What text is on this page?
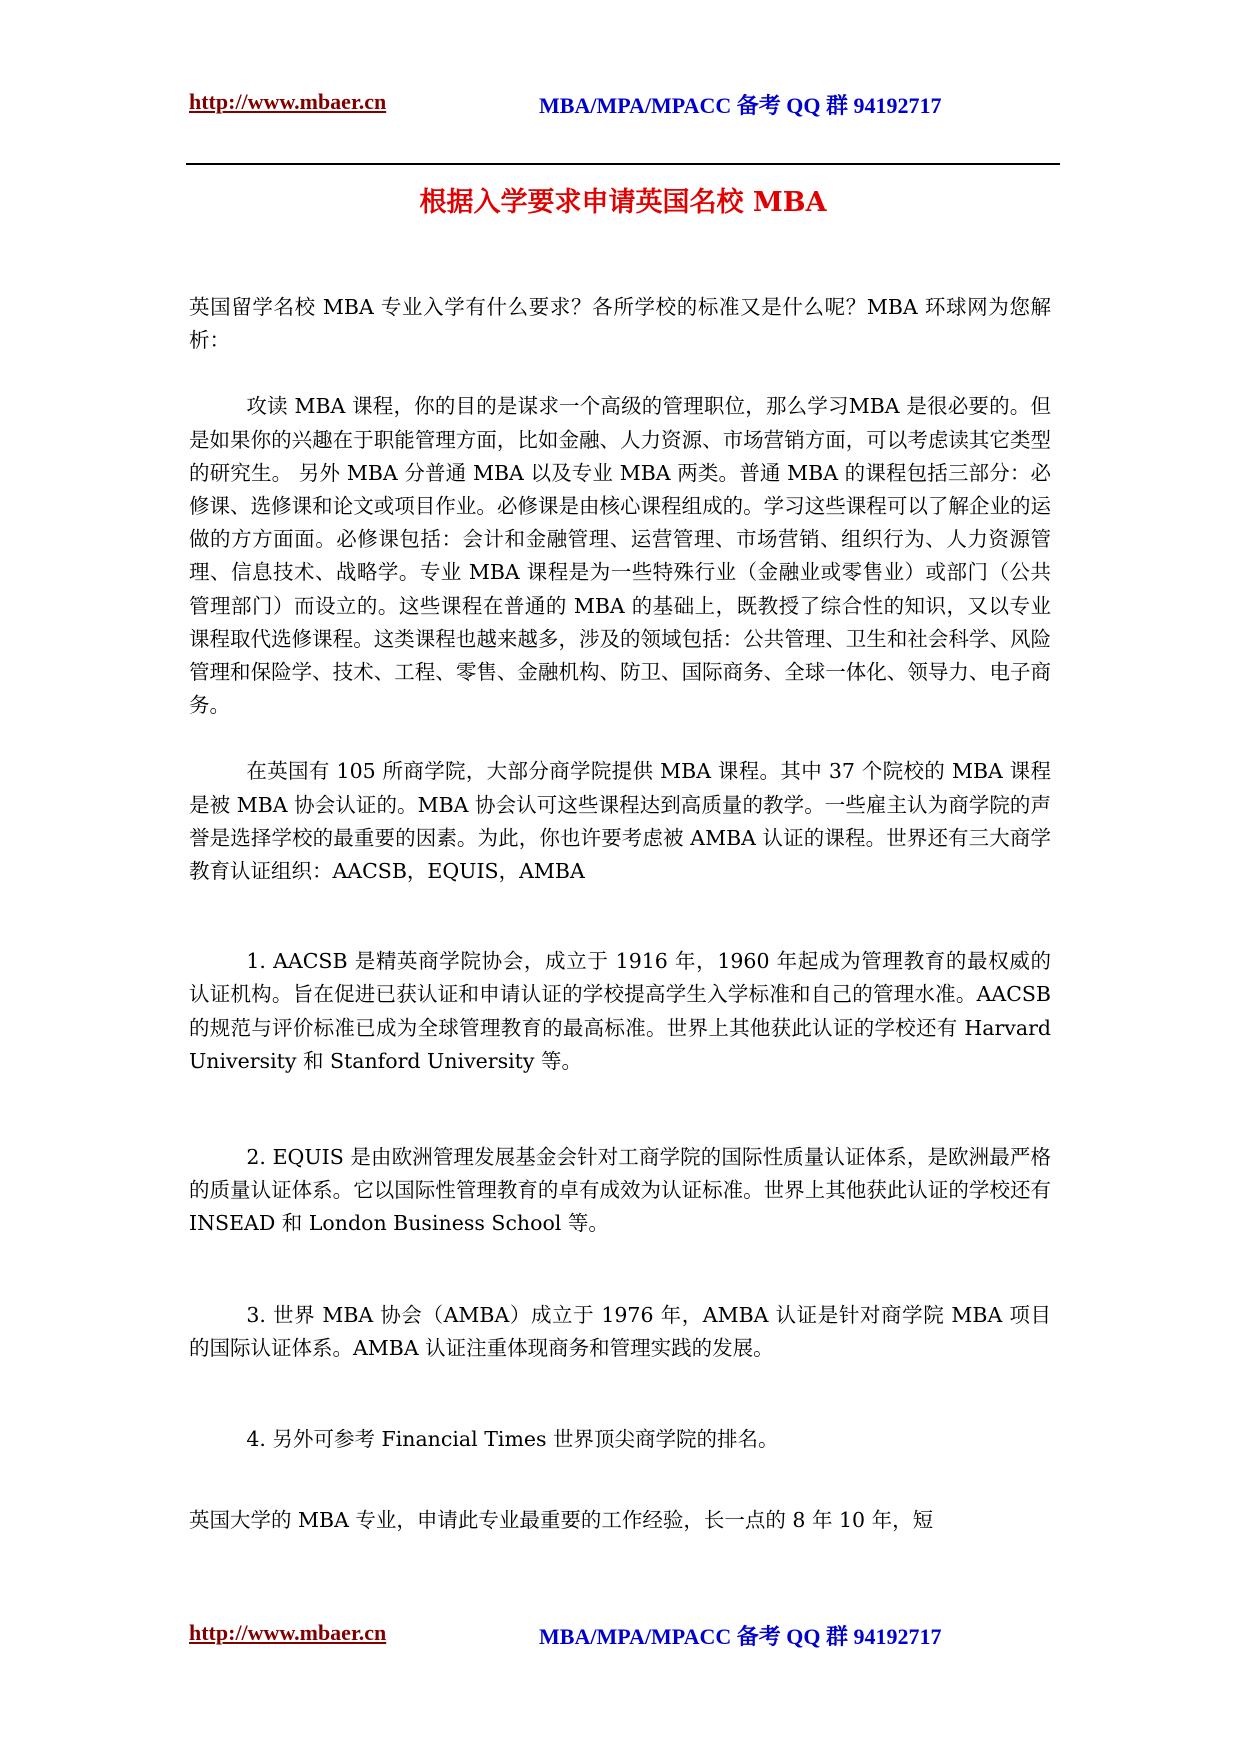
http://www.mbaer.cn	MBA/MPA/MPACC 备考 QQ 群 94192717
根据入学要求申请英国名校 MBA

英国留学名校 MBA 专业入学有什么要求？各所学校的标准又是什么呢？MBA 环球网为您解析：

攻读 MBA 课程，你的目的是谋求一个高级的管理职位，那么学习MBA 是很必要的。但是如果你的兴趣在于职能管理方面，比如金融、人力资源、市场营销方面，可以考虑读其它类型的研究生。 另外 MBA 分普通 MBA 以及专业 MBA 两类。普通 MBA 的课程包括三部分：必修课、选修课和论文或项目作业。必修课是由核心课程组成的。学习这些课程可以了解企业的运做的方方面面。必修课包括：会计和金融管理、运营管理、市场营销、组织行为、人力资源管理、信息技术、战略学。专业 MBA 课程是为一些特殊行业（金融业或零售业）或部门（公共管理部门）而设立的。这些课程在普通的 MBA 的基础上，既教授了综合性的知识，又以专业课程取代选修课程。这类课程也越来越多，涉及的领域包括：公共管理、卫生和社会科学、风险管理和保险学、技术、工程、零售、金融机构、防卫、国际商务、全球一体化、领导力、电子商务。

在英国有 105 所商学院，大部分商学院提供 MBA 课程。其中 37 个院校的 MBA 课程是被 MBA 协会认证的。MBA 协会认可这些课程达到高质量的教学。一些雇主认为商学院的声誉是选择学校的最重要的因素。为此，你也许要考虑被 AMBA 认证的课程。世界还有三大商学教育认证组织：AACSB，EQUIS，AMBA

1. AACSB 是精英商学院协会，成立于 1916 年，1960 年起成为管理教育的最权威的认证机构。旨在促进已获认证和申请认证的学校提高学生入学标准和自己的管理水准。AACSB 的规范与评价标准已成为全球管理教育的最高标准。世界上其他获此认证的学校还有 Harvard University 和 Stanford University 等。

2. EQUIS 是由欧洲管理发展基金会针对工商学院的国际性质量认证体系，是欧洲最严格的质量认证体系。它以国际性管理教育的卓有成效为认证标准。世界上其他获此认证的学校还有 INSEAD 和 London Business School 等。

3. 世界 MBA 协会（AMBA）成立于 1976 年，AMBA 认证是针对商学院 MBA 项目的国际认证体系。AMBA 认证注重体现商务和管理实践的发展。

4. 另外可参考 Financial Times 世界顶尖商学院的排名。

英国大学的 MBA 专业，申请此专业最重要的工作经验，长一点的 8 年 10 年，短

http://www.mbaer.cn	MBA/MPA/MPACC 备考 QQ 群 94192717
